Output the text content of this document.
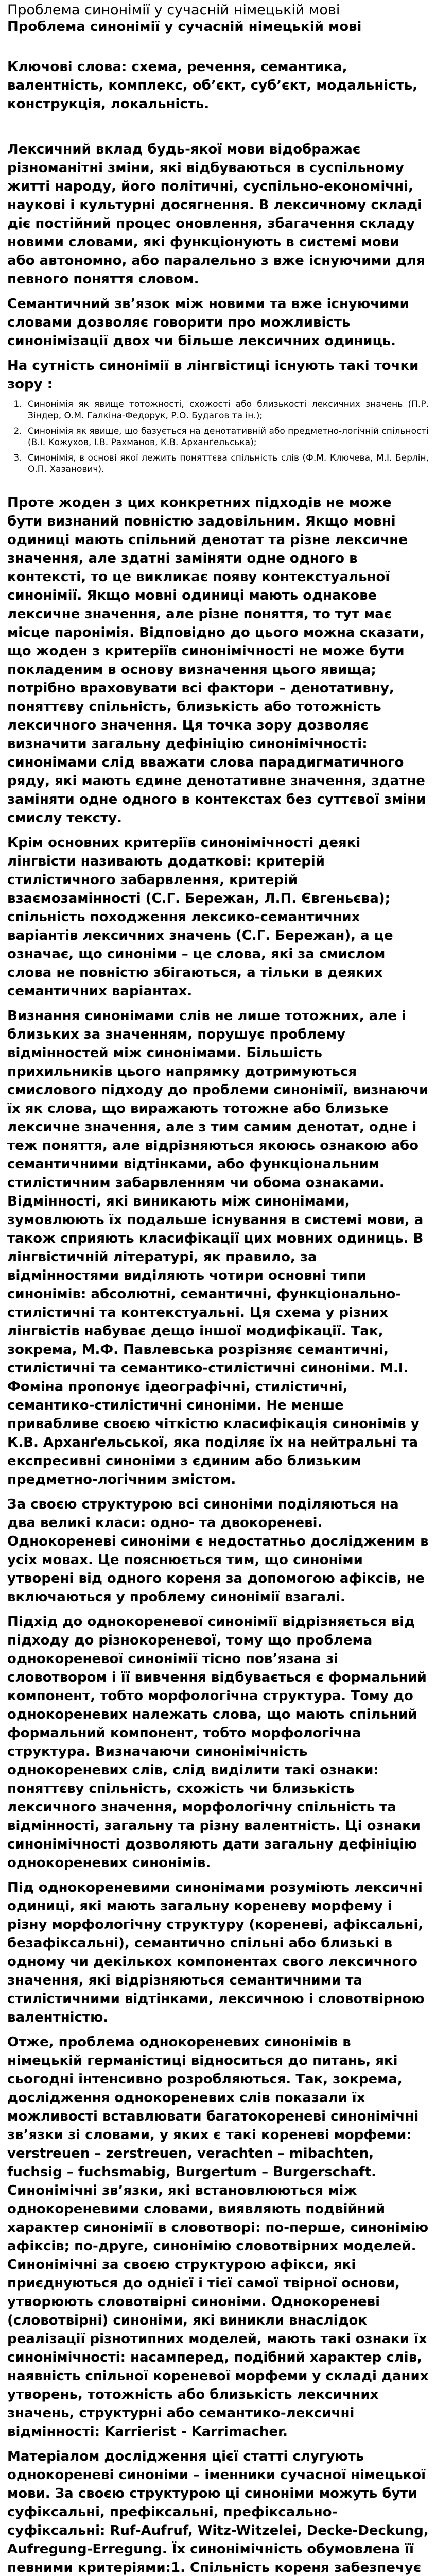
Проблема синонімії у сучасній німецькій мові
Проблема синонімії у сучасній німецькій мові

Ключові слова: схема, речення, семантика, валентність, комплекс, об’єкт, суб’єкт, модальність, конструкція, локальність.

Лексичний вклад будь-якої мови відображає різноманітні зміни, які відбуваються в суспільному житті народу, його політичні, суспільно-економічні, наукові і культурні досягнення. В лексичному складі діє постійний процес оновлення, збагачення складу новими словами, які функціонують в системі мови або автономно, або паралельно з вже існуючими для певного поняття словом.

Семантичний зв’язок між новими та вже існуючими словами дозволяє говорити про можливість синонімізації двох чи більше лексичних одиниць.

На сутність синонімії в лінгвістиці існують такі точки зору :
1. Синонімія як явище тотожності, схожості або близькості лексичних значень (П.Р. Зіндер, О.М. Галкіна-Федорук, Р.О. Будагов та ін.);
2. Синонімія як явище, що базується на денотативній або предметно-логічній спільності (В.І. Кожухов, І.В. Рахманов, К.В. Арханґельська);
3. Синонімія, в основі якої лежить поняттєва спільність слів (Ф.М. Ключева, М.І. Берлін, О.П. Хазанович).

Проте жоден з цих конкретних підходів не може бути визнаний повністю задовільним. Якщо мовні одиниці мають спільний денотат та різне лексичне значення, але здатні заміняти одне одного в контексті, то це викликає появу контекстуальної синонімії. Якщо мовні одиниці мають однакове лексичне значення, але різне поняття, то тут має місце паронімія. Відповідно до цього можна сказати, що жоден з критеріїв синонімічності не може бути покладеним в основу визначення цього явища; потрібно враховувати всі фактори – денотативну, поняттєву спільність, близькість або тотожність лексичного значення. Ця точка зору дозволяє визначити загальну дефініцію синонімічності: синонімами слід вважати слова парадигматичного ряду, які мають єдине денотативне значення, здатне заміняти одне одного в контекстах без суттєвої зміни смислу тексту.

Крім основних критеріїв синонімічності деякі лінгвісти називають додаткові: критерій стилістичного забарвлення, критерій взаємозамінності (С.Г. Бережан, Л.П. Євгеньєва); спільність походження лексико-семантичних варіантів лексичних значень (С.Г. Бережан), а це означає, що синоніми – це слова, які за смислом слова не повністю збігаються, а тільки в деяких семантичних варіантах.

Визнання синонімами слів не лише тотожних, але і близьких за значенням, порушує проблему відмінностей між синонімами. Більшість прихильників цього напрямку дотримуються смислового підходу до проблеми синонімії, визнаючи їх як слова, що виражають тотожне або близьке лексичне значення, але з тим самим денотат, одне і теж поняття, але відрізняються якоюсь ознакою або семантичними відтінками, або функціональним стилістичним забарвленням чи обома ознаками. Відмінності, які виникають між синонімами, зумовлюють їх подальше існування в системі мови, а також сприяють класифікації цих мовних одиниць. В лінгвістичній літературі, як правило, за відмінностями виділяють чотири основні типи синонімів: абсолютні, семантичні, функціонально-стилістичні та контекстуальні. Ця схема у різних лінгвістів набуває дещо іншої модифікації. Так, зокрема, М.Ф. Павлевська розрізняє семантичні, стилістичні та семантико-стилістичні синоніми. М.І. Фоміна пропонує ідеографічні, стилістичні, семантико-стилістичні синоніми. Не менше привабливе своєю чіткістю класифікація синонімів у К.В. Арханґельської, яка поділяє їх на нейтральні та експресивні синоніми з єдиним або близьким предметно-логічним змістом.

За своєю структурою всі синоніми поділяються на два великі класи: одно- та двокореневі. Однокореневі синоніми є недостатньо дослідженим в усіх мовах. Це пояснюється тим, що синоніми утворені від одного кореня за допомогою афіксів, не включаються у проблему синонімії взагалі.

Підхід до однокореневої синонімії відрізняється від підходу до різнокореневої, тому що проблема однокореневої синонімії тісно пов’язана зі словотвором і її вивчення відбувається є формальний компонент, тобто морфологічна структура. Тому до однокореневих належать слова, що мають спільний формальний компонент, тобто морфологічна структура. Визначаючи синонімічність однокореневих слів, слід виділити такі ознаки: поняттєву спільність, схожість чи близькість лексичного значення, морфологічну спільність та відмінності, загальну та різну валентність. Ці ознаки синонімічності дозволяють дати загальну дефініцію однокореневих синонімів.

Під однокореневими синонімами розуміють лексичні одиниці, які мають загальну кореневу морфему і різну морфологічну структуру (кореневі, афіксальні, безафіксальні), семантично спільні або близькі в одному чи декількох компонентах свого лексичного значення, які відрізняються семантичними та стилістичними відтінками, лексичною і словотвірною валентністю.

Отже, проблема однокореневих синонімів в німецькій германістиці відноситься до питань, які сьогодні інтенсивно розробляються. Так, зокрема, дослідження однокореневих слів показали їх можливості вставлювати багатокореневі синонімічні зв’язки зі словами, у яких є такі кореневі морфеми: verstreuen – zerstreuen, verachten – mibachten, fuchsig – fuchsmabig, Burgertum – Burgerschaft. Синонімічні зв’язки, які встановлюються між однокореневими словами, виявляють подвійний характер синонімії в словотворі: по-перше, синонімію афіксів; по-друге, синонімію словотвірних моделей. Синонімічні за своєю структурою афікси, які приєднуються до однієї і тієї самої твірної основи, утворюють словотвірні синоніми. Однокореневі (словотвірні) синоніми, які виникли внаслідок реалізації різнотипних моделей, мають такі ознаки їх синонімічності: насамперед, подібний характер слів, наявність спільної кореневої морфеми у складі даних утворень, тотожність або близькість лексичних значень, структурні або семантико-лексичні відмінності: Karrierist - Karrimacher.

Матеріалом дослідження цієї статті слугують однокореневі синоніми – іменники сучасної німецької мови. За своєю структурою ці синоніми можуть бути суфіксальні, префіксальні, префіксально-суфіксальні: Ruf-Aufruf, Witz-Witzelei, Decke-Deckung, Aufregung-Erregung. Їх синонімічність обумовлена її певними критеріями:1. Спільність кореня забезпечує
